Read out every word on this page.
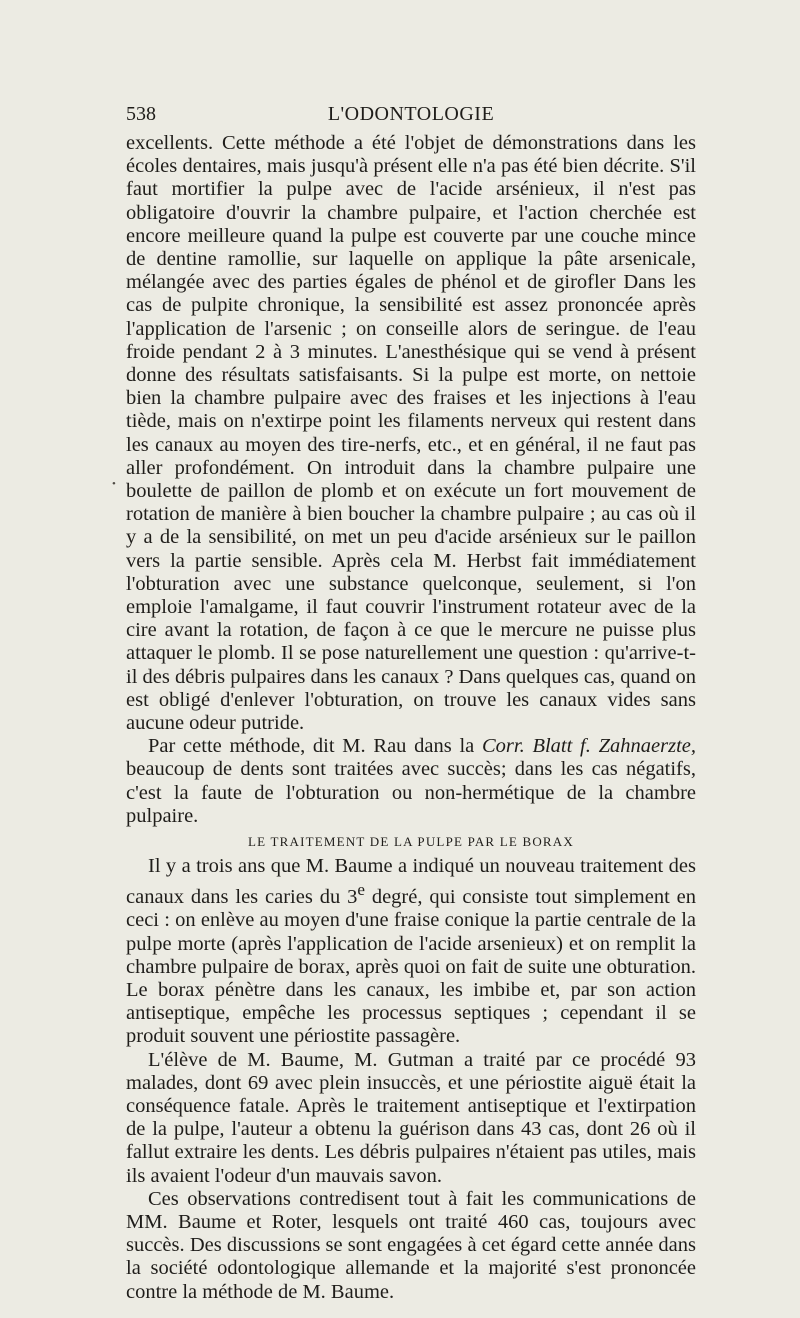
538	L'ODONTOLOGIE
•

excellents. Cette méthode a été l'objet de démonstrations dans les écoles dentaires, mais jusqu'à présent elle n'a pas été bien décrite. S'il faut mortifier la pulpe avec de l'acide arsénieux, il n'est pas obligatoire d'ouvrir la chambre pulpaire, et l'action cherchée est encore meilleure quand la pulpe est couverte par une couche mince de dentine ramollie, sur laquelle on applique la pâte arsenicale, mélangée avec des parties égales de phénol et de girofler Dans les cas de pulpite chronique, la sensibilité est assez prononcée après l'application de l'arsenic ; on conseille alors de seringue. de l'eau froide pendant 2 à 3 minutes. L'anesthésique qui se vend à présent donne des résultats satisfaisants. Si la pulpe est morte, on nettoie bien la chambre pulpaire avec des fraises et les injections à l'eau tiède, mais on n'extirpe point les filaments nerveux qui restent dans les canaux au moyen des tire-nerfs, etc., et en général, il ne faut pas aller profondément. On introduit dans la chambre pulpaire une boulette de paillon de plomb et on exécute un fort mouvement de rotation de manière à bien boucher la chambre pulpaire ; au cas où il y a de la sensibilité, on met un peu d'acide arsénieux sur le paillon vers la partie sensible. Après cela M. Herbst fait immédiatement l'obturation avec une substance quelconque, seulement, si l'on emploie l'amalgame, il faut couvrir l'instrument rotateur avec de la cire avant la rotation, de façon à ce que le mercure ne puisse plus attaquer le plomb. Il se pose naturellement une question : qu'arrive-t-il des débris pulpaires dans les canaux ? Dans quelques cas, quand on est obligé d'enlever l'obturation, on trouve les canaux vides sans aucune odeur putride.

Par cette méthode, dit M. Rau dans la Corr. Blatt f. Zahnaerzte, beaucoup de dents sont traitées avec succès; dans les cas négatifs, c'est la faute de l'obturation ou non-hermétique de la chambre pulpaire.

LE TRAITEMENT DE LA PULPE PAR LE BORAX

Il y a trois ans que M. Baume a indiqué un nouveau traitement des canaux dans les caries du 3e degré, qui consiste tout simplement en ceci : on enlève au moyen d'une fraise conique la partie centrale de la pulpe morte (après l'application de l'acide arsenieux) et on remplit la chambre pulpaire de borax, après quoi on fait de suite une obturation. Le borax pénètre dans les canaux, les imbibe et, par son action antiseptique, empêche les processus septiques ; cependant il se produit souvent une périostite passagère.

L'élève de M. Baume, M. Gutman a traité par ce procédé 93 malades, dont 69 avec plein insuccès, et une périostite aiguë était la conséquence fatale. Après le traitement antiseptique et l'extirpation de la pulpe, l'auteur a obtenu la guérison dans 43 cas, dont 26 où il fallut extraire les dents. Les débris pulpaires n'étaient pas utiles, mais ils avaient l'odeur d'un mauvais savon.

Ces observations contredisent tout à fait les communications de MM. Baume et Roter, lesquels ont traité 460 cas, toujours avec succès. Des discussions se sont engagées à cet égard cette année dans la société odontologique allemande et la majorité s'est prononcée contre la méthode de M. Baume.
